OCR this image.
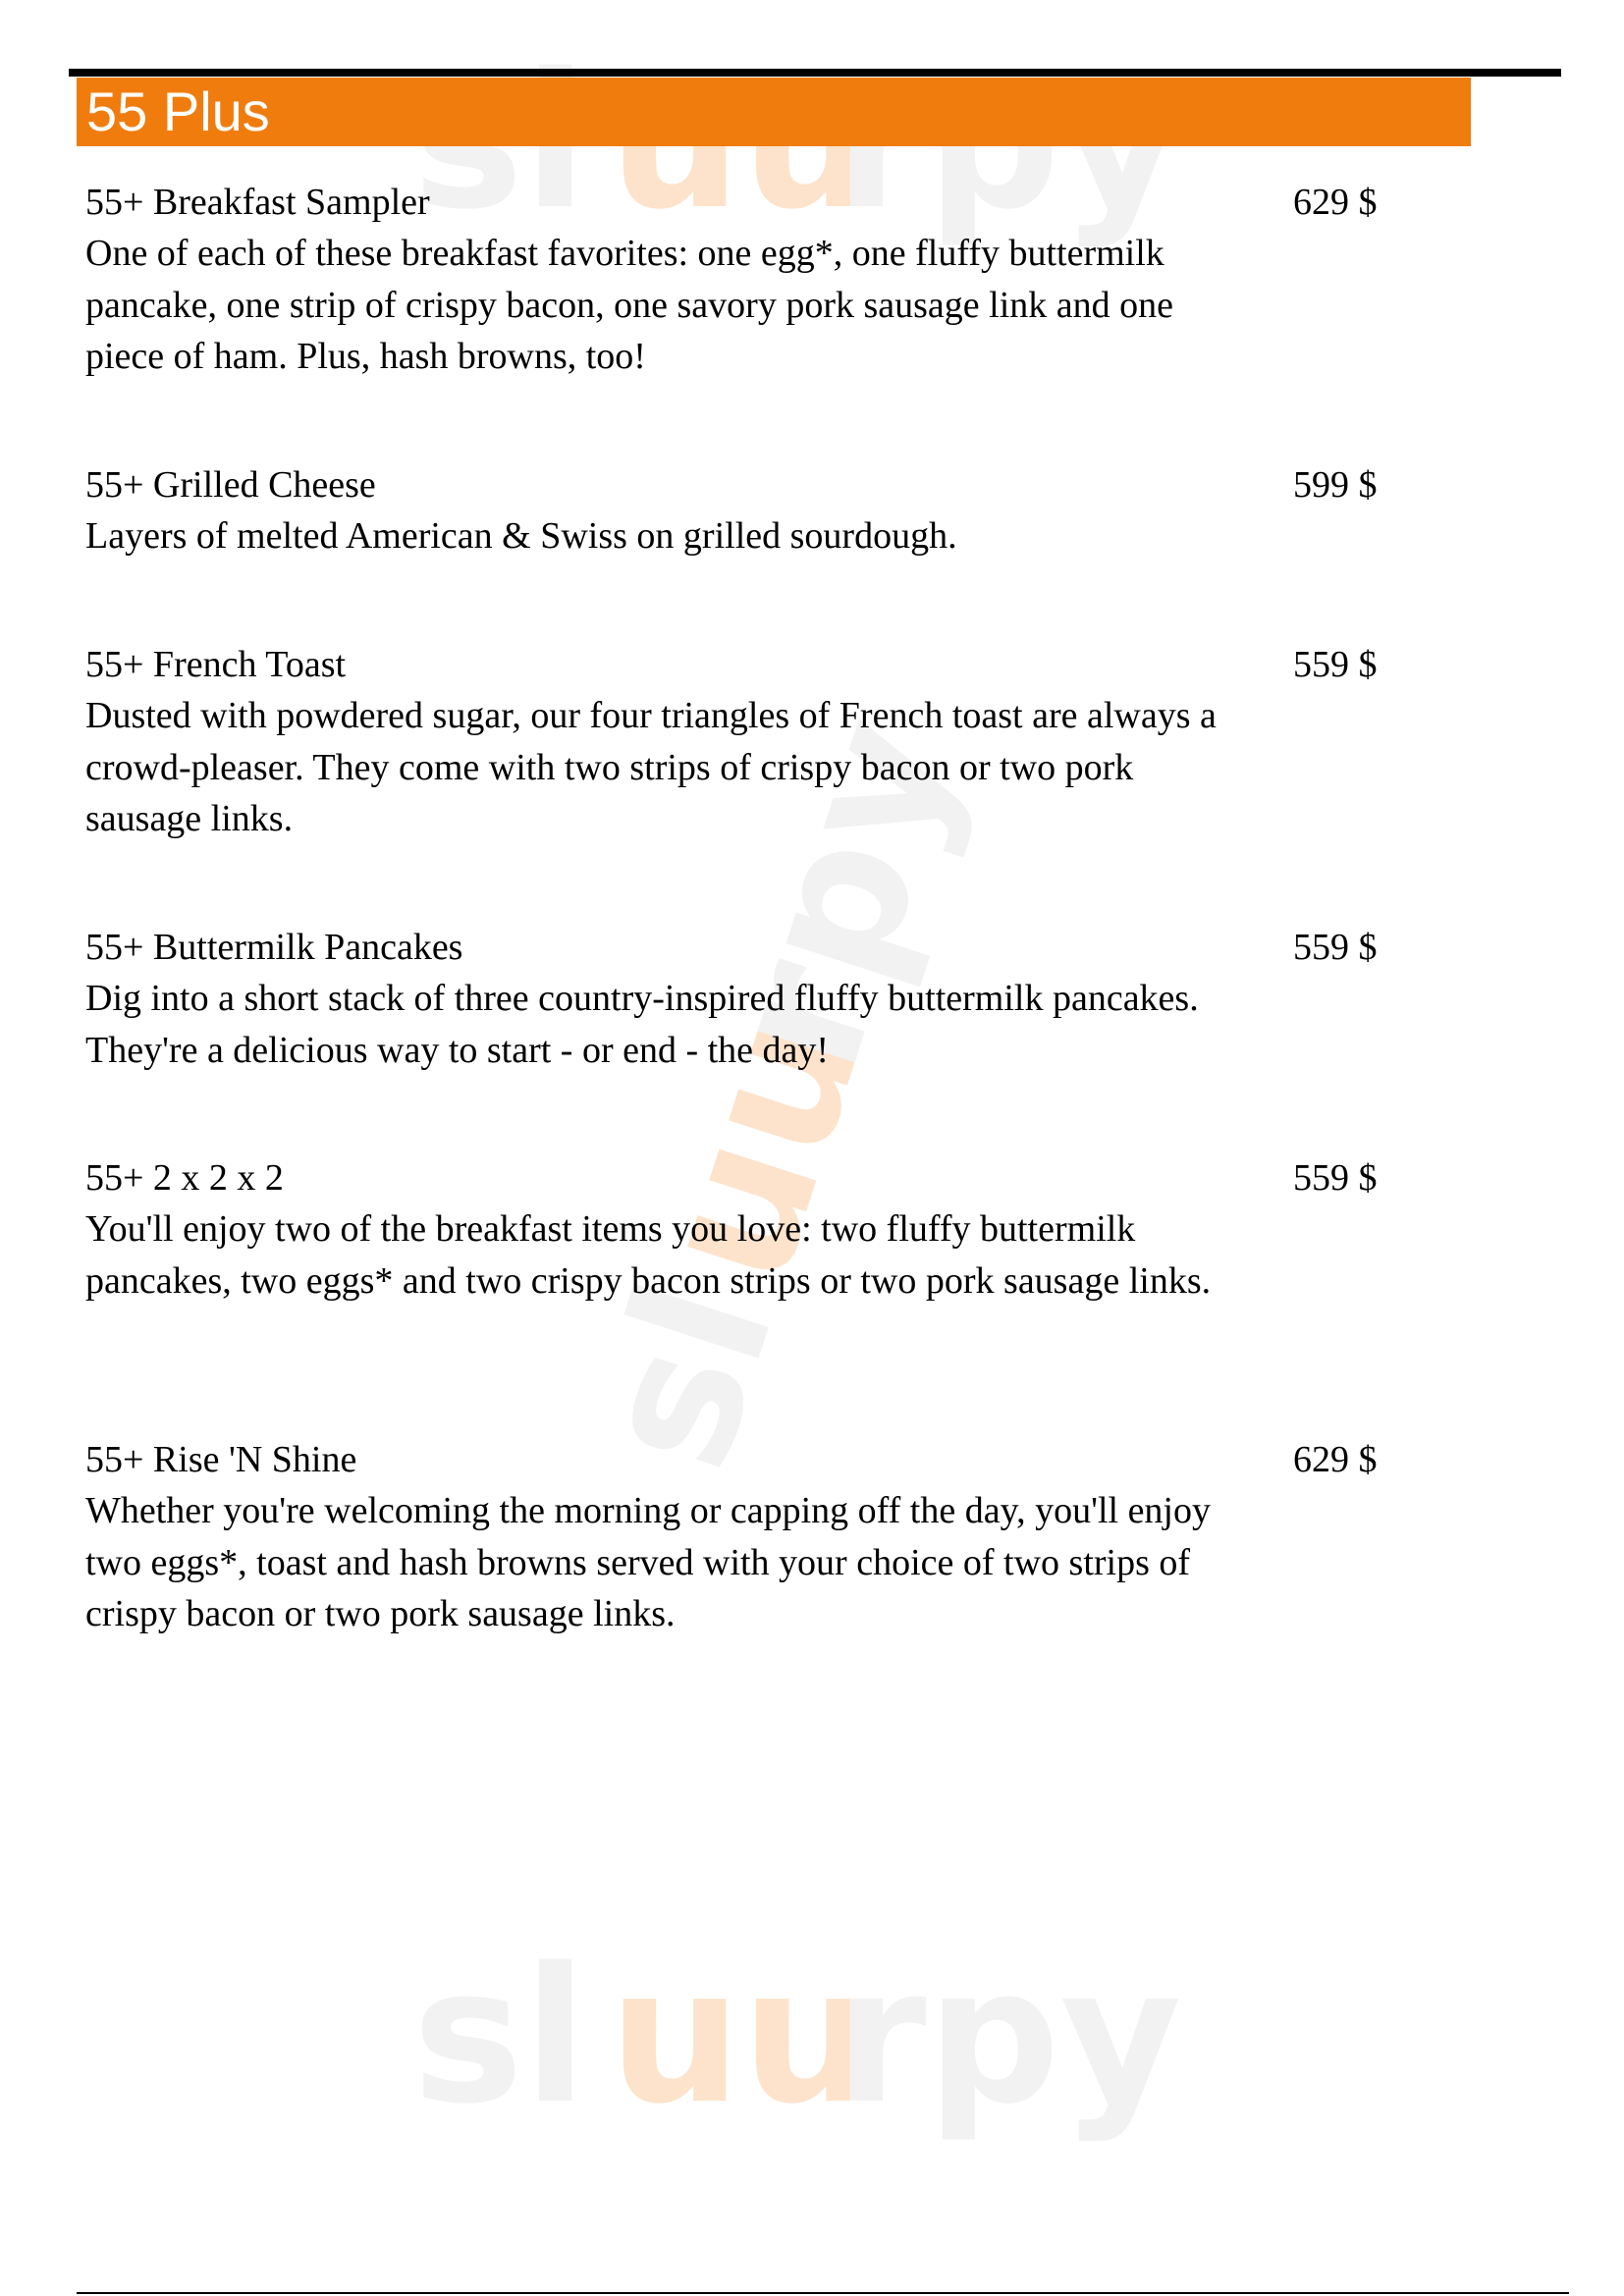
sl
uu
rpy
sl uu
rpy
55 Plus
55+ Breakfast Sampler	629 $
One of each of these breakfast favorites: one egg*, one fluffy buttermilk pancake, one strip of crispy bacon, one savory pork sausage link and one piece of ham. Plus, hash browns, too!
55+ Grilled Cheese	599 $
Layers of melted American & Swiss on grilled sourdough.
55+ French Toast	559 $
Dusted with powdered sugar, our four triangles of French toast are always a crowd-pleaser. They come with two strips of crispy bacon or two pork sausage links.
55+ Buttermilk Pancakes	559 $
Dig into a short stack of three country-inspired fluffy buttermilk pancakes. They're a delicious way to start - or end - the day!
55+ 2 x 2 x 2	559 $
You'll enjoy two of the breakfast items you love: two fluffy buttermilk pancakes, two eggs* and two crispy bacon strips or two pork sausage links.
55+ Rise 'N Shine	629 $
Whether you're welcoming the morning or capping off the day, you'll enjoy two eggs*, toast and hash browns served with your choice of two strips of crispy bacon or two pork sausage links.
